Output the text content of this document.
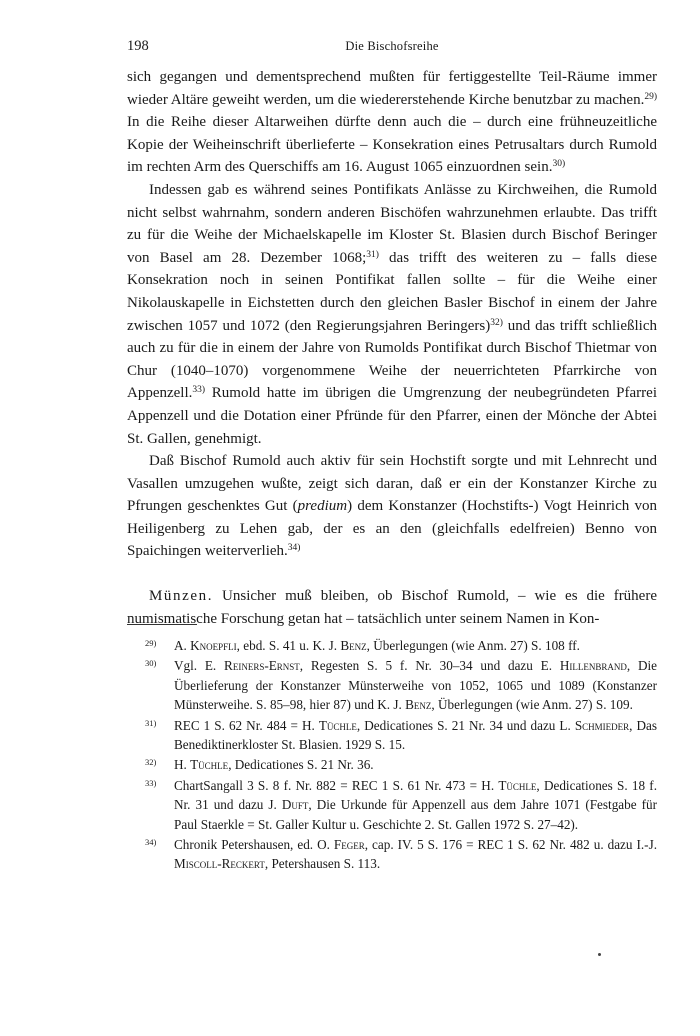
198	Die Bischofsreihe

sich gegangen und dementsprechend mußten für fertiggestellte Teil-Räume immer wieder Altäre geweiht werden, um die wiedererstehende Kirche benutzbar zu machen.$^{29)}$ In die Reihe dieser Altarweihen dürfte denn auch die – durch eine frühneuzeitliche Kopie der Weiheinschrift überlieferte – Konsekration eines Petrusaltars durch Rumold im rechten Arm des Querschiffs am 16. August 1065 einzuordnen sein.$^{30)}$

Indessen gab es während seines Pontifikats Anlässe zu Kirchweihen, die Rumold nicht selbst wahrnahm, sondern anderen Bischöfen wahrzunehmen erlaubte. Das trifft zu für die Weihe der Michaelskapelle im Kloster St. Blasien durch Bischof Beringer von Basel am 28. Dezember 1068;$^{31)}$ das trifft des weiteren zu – falls diese Konsekration noch in seinen Pontifikat fallen sollte – für die Weihe einer Nikolauskapelle in Eichstetten durch den gleichen Basler Bischof in einem der Jahre zwischen 1057 und 1072 (den Regierungsjahren Beringers)$^{32)}$ und das trifft schließlich auch zu für die in einem der Jahre von Rumolds Pontifikat durch Bischof Thietmar von Chur (1040–1070) vorgenommene Weihe der neuerrichteten Pfarrkirche von Appenzell.$^{33)}$ Rumold hatte im übrigen die Umgrenzung der neubegründeten Pfarrei Appenzell und die Dotation einer Pfründe für den Pfarrer, einen der Mönche der Abtei St. Gallen, genehmigt.

Daß Bischof Rumold auch aktiv für sein Hochstift sorgte und mit Lehnrecht und Vasallen umzugehen wußte, zeigt sich daran, daß er ein der Konstanzer Kirche zu Pfrungen geschenktes Gut (predium) dem Konstanzer (Hochstifts-) Vogt Heinrich von Heiligenberg zu Lehen gab, der es an den (gleichfalls edelfreien) Benno von Spaichingen weiterverlieh.$^{34)}$

Münzen. Unsicher muß bleiben, ob Bischof Rumold, – wie es die frühere numismatische Forschung getan hat – tatsächlich unter seinem Namen in Kon-

$^{29)}$	A. Knoepfli, ebd. S. 41 u. K. J. Benz, Überlegungen (wie Anm. 27) S. 108 ff.
$^{30)}$	Vgl. E. Reiners-Ernst, Regesten S. 5 f. Nr. 30–34 und dazu E. Hillenbrand, Die Überlieferung der Konstanzer Münsterweihe von 1052, 1065 und 1089 (Konstanzer Münsterweihe. S. 85–98, hier 87) und K. J. Benz, Überlegungen (wie Anm. 27) S. 109.
$^{31)}$	REC 1 S. 62 Nr. 484 = H. Tüchle, Dedicationes S. 21 Nr. 34 und dazu L. Schmieder, Das Benediktinerkloster St. Blasien. 1929 S. 15.
$^{32)}$	H. Tüchle, Dedicationes S. 21 Nr. 36.
$^{33)}$	ChartSangall 3 S. 8 f. Nr. 882 = REC 1 S. 61 Nr. 473 = H. Tüchle, Dedicationes S. 18 f. Nr. 31 und dazu J. Duft, Die Urkunde für Appenzell aus dem Jahre 1071 (Festgabe für Paul Staerkle = St. Galler Kultur u. Geschichte 2. St. Gallen 1972 S. 27–42).
$^{34)}$	Chronik Petershausen, ed. O. Feger, cap. IV. 5 S. 176 = REC 1 S. 62 Nr. 482 u. dazu I.-J. Miscoll-Reckert, Petershausen S. 113.
